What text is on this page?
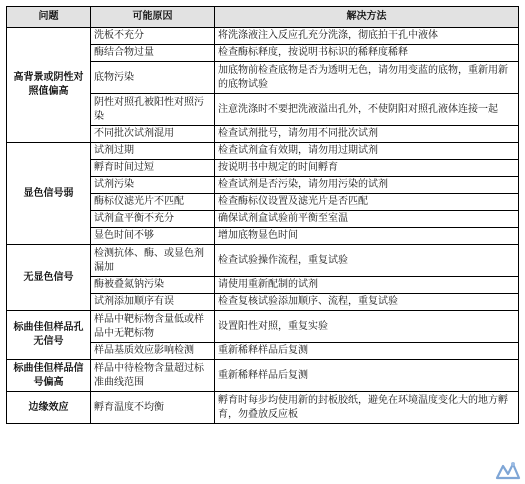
问题	可能原因	解决方法
高背景或阴性对照值偏高	洗板不充分	将洗涤液注入反应孔充分洗涤，彻底拍干孔中液体
	酶结合物过量	检查酶标释度，按说明书标识的稀释度稀释
	底物污染	加底物前检查底物是否为透明无色，请勿用变蓝的底物，重新用新的底物试验
	阴性对照孔被阳性对照污染	注意洗涤时不要把洗液溢出孔外，不使阴阳对照孔液体连接一起
	不同批次试剂混用	检查试剂批号，请勿用不同批次试剂
显色信号弱	试剂过期	检查试剂盒有效期，请勿用过期试剂
	孵育时间过短	按说明书中规定的时间孵育
	试剂污染	检查试剂是否污染，请勿用污染的试剂
	酶标仪滤光片不匹配	检查酶标仪设置及滤光片是否匹配
	试剂盒平衡不充分	确保试剂盒试验前平衡至室温
	显色时间不够	增加底物显色时间
无显色信号	检测抗体、酶、或显色剂漏加	检查试验操作流程，重复试验
	酶被叠氮钠污染	请使用重新配制的试剂
	试剂添加顺序有误	检查复核试验添加顺序、流程，重复试验
标曲佳但样品孔无信号	样品中靶标物含量低或样品中无靶标物	设置阳性对照，重复实验
	样品基质效应影响检测	重新稀释样品后复测
标曲佳但样品信号偏高	样品中待检物含量超过标准曲线范围	重新稀释样品后复测
边缘效应	孵育温度不均衡	孵育时每步均使用新的封板胶纸，避免在环境温度变化大的地方孵育，勿叠放反应板
